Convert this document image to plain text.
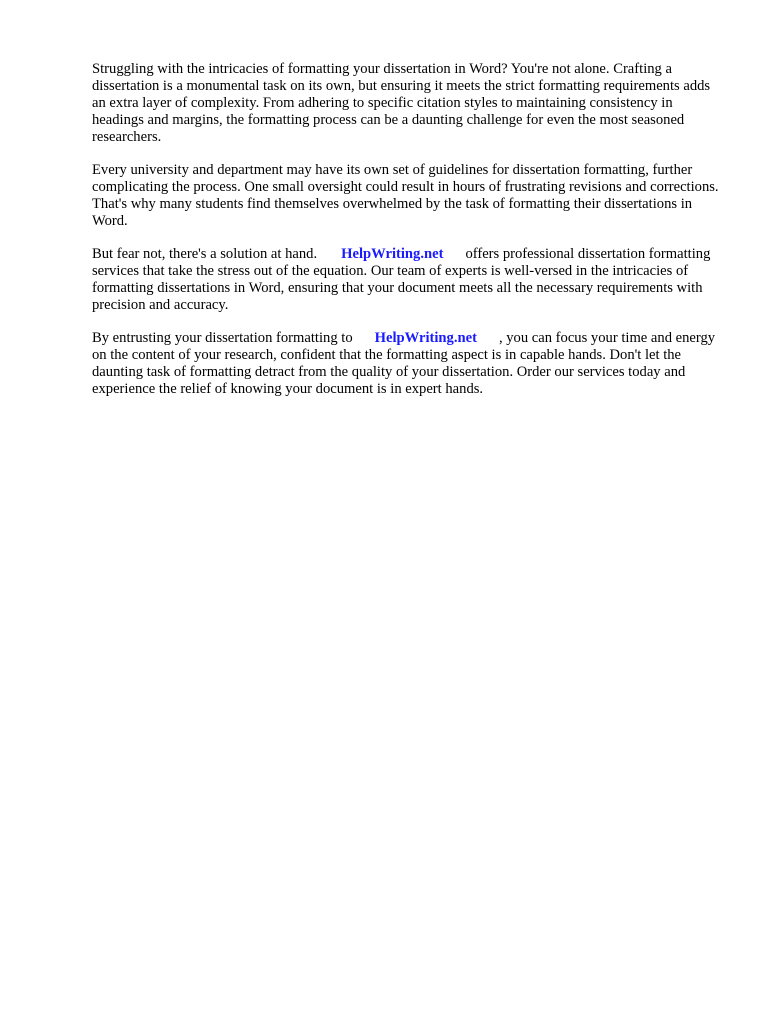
Struggling with the intricacies of formatting your dissertation in Word? You're not alone. Crafting a dissertation is a monumental task on its own, but ensuring it meets the strict formatting requirements adds an extra layer of complexity. From adhering to specific citation styles to maintaining consistency in headings and margins, the formatting process can be a daunting challenge for even the most seasoned researchers.

Every university and department may have its own set of guidelines for dissertation formatting, further complicating the process. One small oversight could result in hours of frustrating revisions and corrections. That's why many students find themselves overwhelmed by the task of formatting their dissertations in Word.

But fear not, there's a solution at hand. HelpWriting.net offers professional dissertation formatting services that take the stress out of the equation. Our team of experts is well-versed in the intricacies of formatting dissertations in Word, ensuring that your document meets all the necessary requirements with precision and accuracy.

By entrusting your dissertation formatting to HelpWriting.net , you can focus your time and energy on the content of your research, confident that the formatting aspect is in capable hands. Don't let the daunting task of formatting detract from the quality of your dissertation. Order our services today and experience the relief of knowing your document is in expert hands.
